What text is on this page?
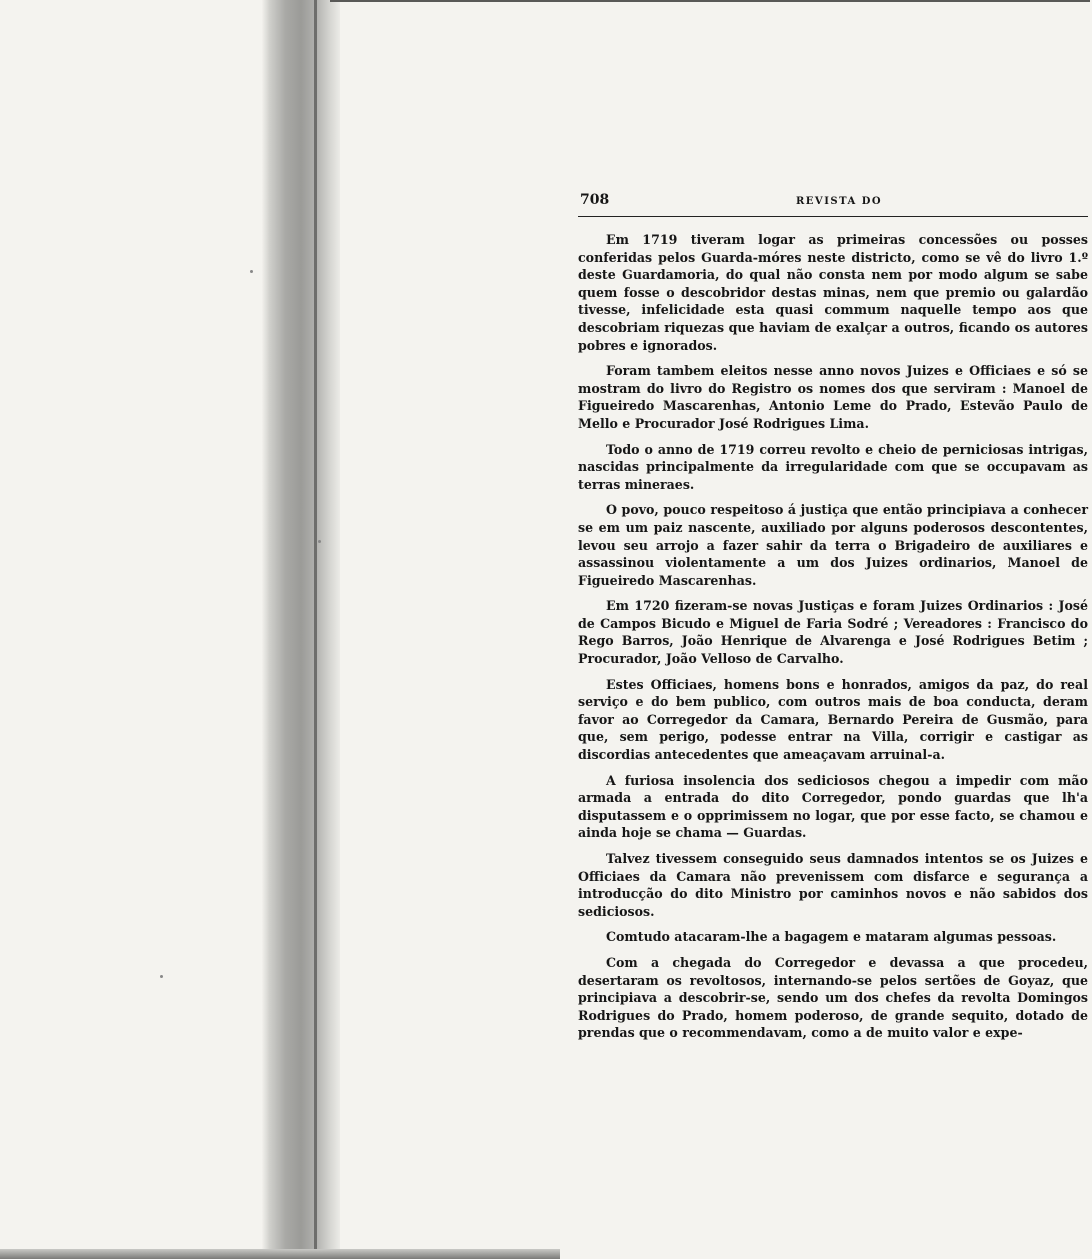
708	REVISTA DO

Em 1719 tiveram logar as primeiras concessões ou posses conferidas pelos Guarda-móres neste districto, como se vê do livro 1.º deste Guardamoria, do qual não consta nem por modo algum se sabe quem fosse o descobridor destas minas, nem que premio ou galardão tivesse, infelicidade esta quasi commum naquelle tempo aos que descobriam riquezas que haviam de exalçar a outros, ficando os autores pobres e ignorados.

Foram tambem eleitos nesse anno novos Juizes e Officiaes e só se mostram do livro do Registro os nomes dos que serviram : Manoel de Figueiredo Mascarenhas, Antonio Leme do Prado, Estevão Paulo de Mello e Procurador José Rodrigues Lima.

Todo o anno de 1719 correu revolto e cheio de perniciosas intrigas, nascidas principalmente da irregularidade com que se occupavam as terras mineraes.

O povo, pouco respeitoso á justiça que então principiava a conhecer se em um paiz nascente, auxiliado por alguns poderosos descontentes, levou seu arrojo a fazer sahir da terra o Brigadeiro de auxiliares e assassinou violentamente a um dos Juizes ordinarios, Manoel de Figueiredo Mascarenhas.

Em 1720 fizeram-se novas Justiças e foram Juizes Ordinarios : José de Campos Bicudo e Miguel de Faria Sodré ; Vereadores : Francisco do Rego Barros, João Henrique de Alvarenga e José Rodrigues Betim ; Procurador, João Velloso de Carvalho.

Estes Officiaes, homens bons e honrados, amigos da paz, do real serviço e do bem publico, com outros mais de boa conducta, deram favor ao Corregedor da Camara, Bernardo Pereira de Gusmão, para que, sem perigo, podesse entrar na Villa, corrigir e castigar as discordias antecedentes que ameaçavam arruinal-a.

A furiosa insolencia dos sediciosos chegou a impedir com mão armada a entrada do dito Corregedor, pondo guardas que lh'a disputassem e o opprimissem no logar, que por esse facto, se chamou e ainda hoje se chama — Guardas.

Talvez tivessem conseguido seus damnados intentos se os Juizes e Officiaes da Camara não prevenissem com disfarce e segurança a introducção do dito Ministro por caminhos novos e não sabidos dos sediciosos.

Comtudo atacaram-lhe a bagagem e mataram algumas pessoas.

Com a chegada do Corregedor e devassa a que procedeu, desertaram os revoltosos, internando-se pelos sertões de Goyaz, que principiava a descobrir-se, sendo um dos chefes da revolta Domingos Rodrigues do Prado, homem poderoso, de grande sequito, dotado de prendas que o recommendavam, como a de muito valor e expe-
